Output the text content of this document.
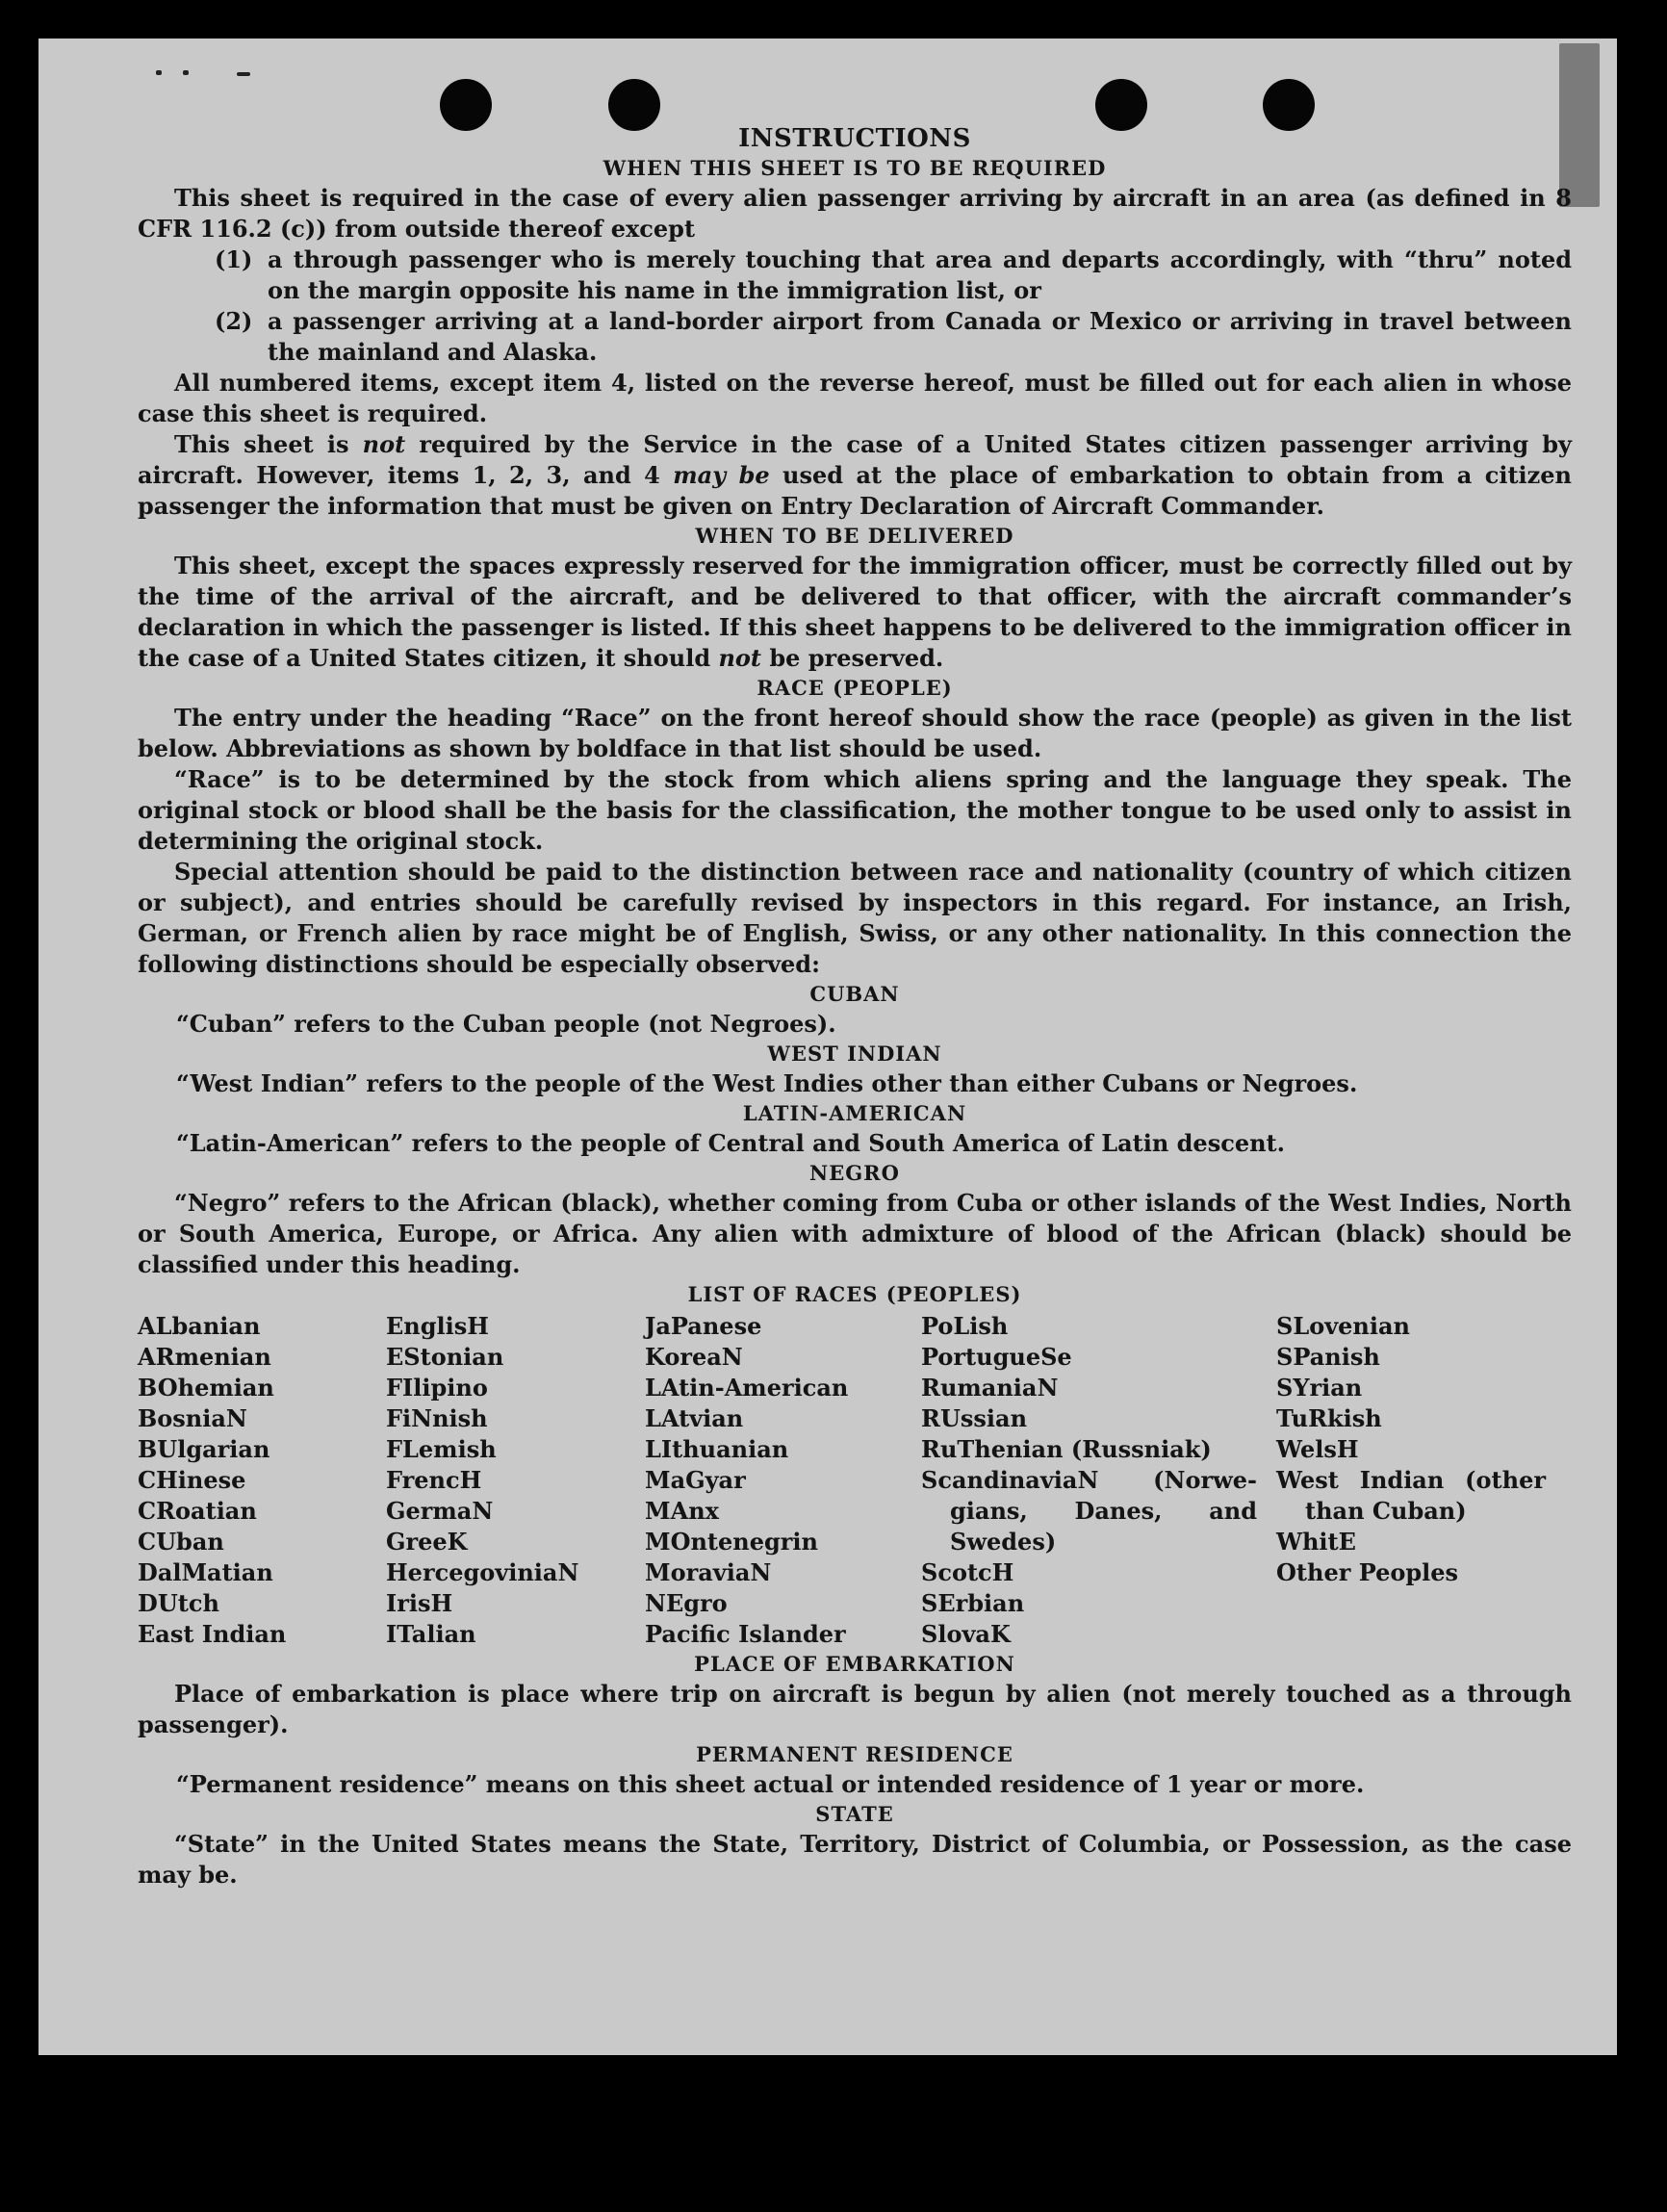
INSTRUCTIONS
WHEN THIS SHEET IS TO BE REQUIRED

This sheet is required in the case of every alien passenger arriving by aircraft in an area (as defined in 8 CFR 116.2 (c)) from outside thereof except

(1) a through passenger who is merely touching that area and departs accordingly, with “thru” noted on the margin opposite his name in the immigration list, or
(2) a passenger arriving at a land-border airport from Canada or Mexico or arriving in travel between the mainland and Alaska.

All numbered items, except item 4, listed on the reverse hereof, must be filled out for each alien in whose case this sheet is required.

This sheet is not required by the Service in the case of a United States citizen passenger arriving by aircraft. However, items 1, 2, 3, and 4 may be used at the place of embarkation to obtain from a citizen passenger the information that must be given on Entry Declaration of Aircraft Commander.

WHEN TO BE DELIVERED

This sheet, except the spaces expressly reserved for the immigration officer, must be correctly filled out by the time of the arrival of the aircraft, and be delivered to that officer, with the aircraft commander’s declaration in which the passenger is listed. If this sheet happens to be delivered to the immigration officer in the case of a United States citizen, it should not be preserved.

RACE (PEOPLE)

The entry under the heading “Race” on the front hereof should show the race (people) as given in the list below. Abbreviations as shown by boldface in that list should be used.

“Race” is to be determined by the stock from which aliens spring and the language they speak. The original stock or blood shall be the basis for the classification, the mother tongue to be used only to assist in determining the original stock.

Special attention should be paid to the distinction between race and nationality (country of which citizen or subject), and entries should be carefully revised by inspectors in this regard. For instance, an Irish, German, or French alien by race might be of English, Swiss, or any other nationality. In this connection the following distinctions should be especially observed:

CUBAN

“Cuban” refers to the Cuban people (not Negroes).

WEST INDIAN

“West Indian” refers to the people of the West Indies other than either Cubans or Negroes.

LATIN-AMERICAN

“Latin-American” refers to the people of Central and South America of Latin descent.

NEGRO

“Negro” refers to the African (black), whether coming from Cuba or other islands of the West Indies, North or South America, Europe, or Africa. Any alien with admixture of blood of the African (black) should be classified under this heading.

LIST OF RACES (PEOPLES)
ALbanian
ARmenian
BOhemian
BosniaN
BUlgarian
CHinese
CRoatian
CUban
DalMatian
DUtch
East Indian
EnglisH
EStonian
FIlipino
FiNnish
FLemish
FrencH
GermaN
GreeK
HercegoviniaN
IrisH
ITalian
JaPanese
KoreaN
LAtin-American
LAtvian
LIthuanian
MaGyar
MAnx
MOntenegrin
MoraviaN
NEgro
Pacific Islander
PoLish
PortugueSe
RumaniaN
RUssian
RuThenian (Russniak)
ScandinaviaN (Norwe-gians, Danes, and Swedes)
ScotcH
SErbian
SlovaK
SLovenian
SPanish
SYrian
TuRkish
WelsH
West Indian (other than Cuban)
WhitE
Other Peoples
PLACE OF EMBARKATION

Place of embarkation is place where trip on aircraft is begun by alien (not merely touched as a through passenger).

PERMANENT RESIDENCE

“Permanent residence” means on this sheet actual or intended residence of 1 year or more.

STATE

“State” in the United States means the State, Territory, District of Columbia, or Possession, as the case may be.
